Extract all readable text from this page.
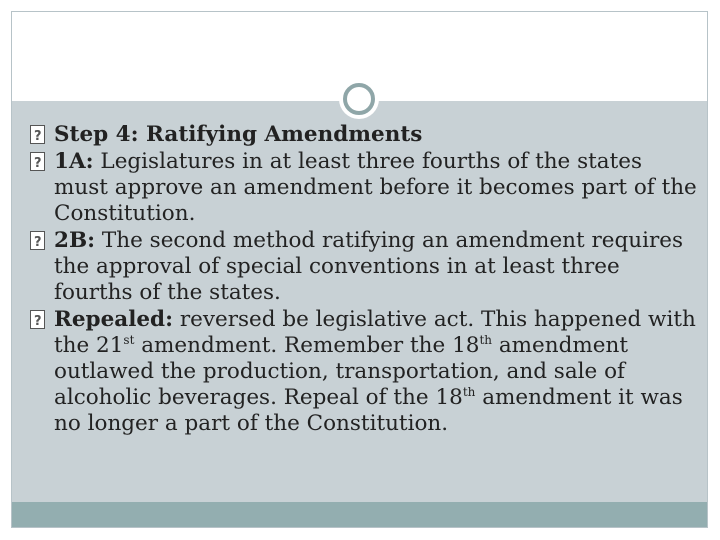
?
Step 4: Ratifying Amendments
?
1A: Legislatures in at least three fourths of the states must approve an amendment before it becomes part of the Constitution.
?
2B: The second method ratifying an amendment requires the approval of special conventions in at least three fourths of the states.
?
Repealed: reversed be legislative act. This happened with the 21st amendment. Remember the 18th amendment outlawed the production, transportation, and sale of alcoholic beverages. Repeal of the 18th amendment it was no longer a part of the Constitution.
